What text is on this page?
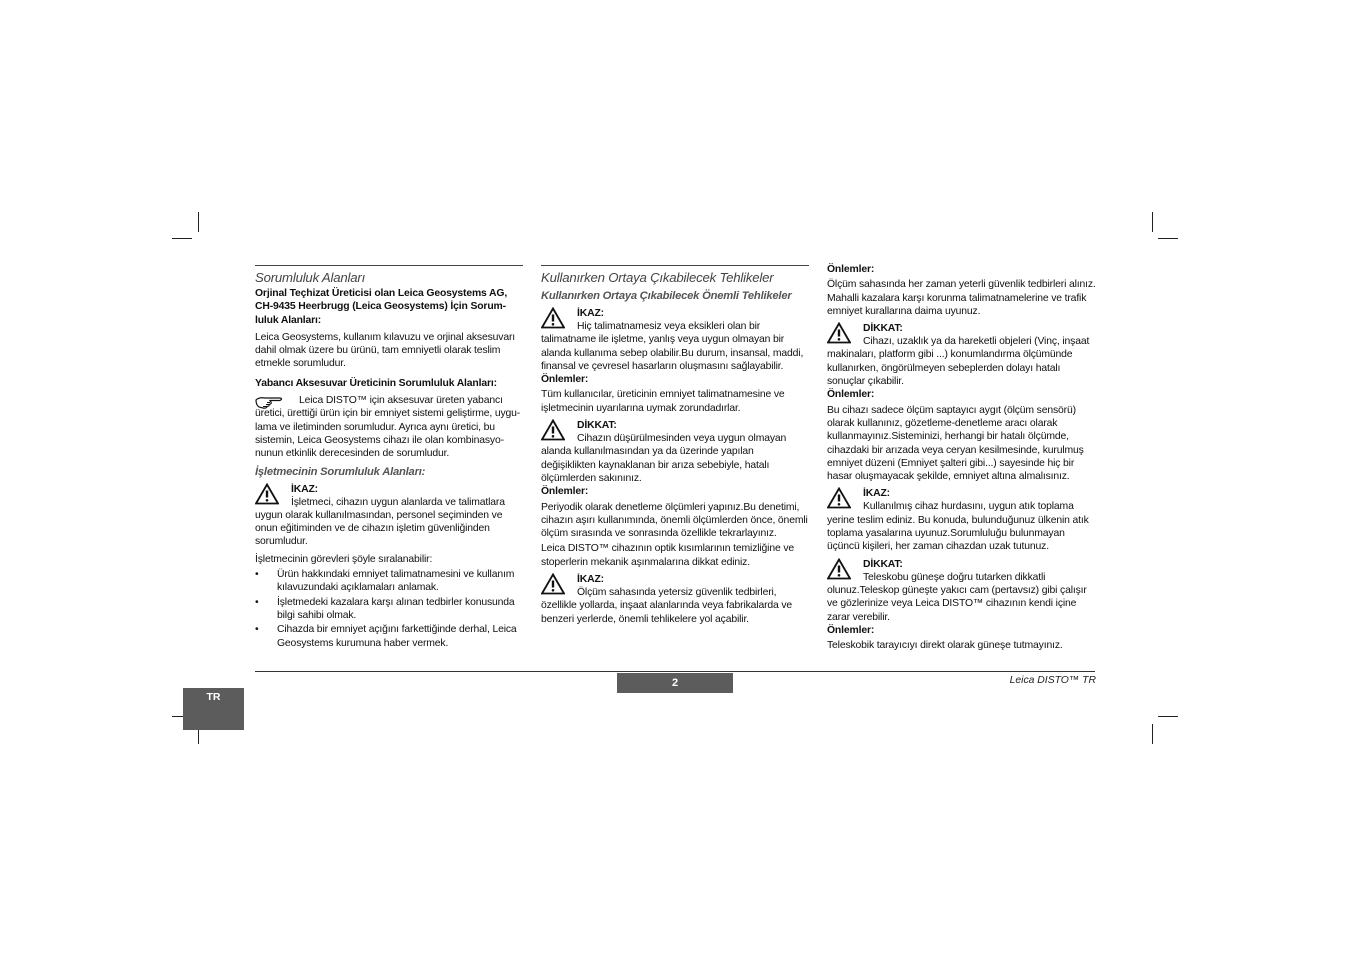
Sorumluluk Alanları

Orjinal Teçhizat Üreticisi olan Leica Geosystems AG, CH-9435 Heerbrugg (Leica Geosystems) İçin Sorum-luluk Alanları:

Leica Geosystems, kullanım kılavuzu ve orjinal aksesuvarı dahil olmak üzere bu ürünü, tam emniyetli olarak teslim etmekle sorumludur.

Yabancı Aksesuvar Üreticinin Sorumluluk Alanları:

Leica DISTO™ için aksesuvar üreten yabancı
üretici, ürettiği ürün için bir emniyet sistemi geliştirme, uygu-lama ve iletiminden sorumludur. Ayrıca aynı üretici, bu sistemin, Leica Geosystems cihazı ile olan kombinasyo-nunun etkinlik derecesinden de sorumludur.
İşletmecinin Sorumluluk Alanları:
İKAZ:
İşletmeci, cihazın uygun alanlarda ve talimatlara
uygun olarak kullanılmasından, personel seçiminden ve onun eğitiminden ve de cihazın işletim güvenliğinden sorumludur.

İşletmecinin görevleri şöyle sıralanabilir:

• Ürün hakkındaki emniyet talimatnamesini ve kullanım kılavuzundaki açıklamaları anlamak.
• İşletmedeki kazalara karşı alınan tedbirler konusunda bilgi sahibi olmak.
• Cihazda bir emniyet açığını farkettiğinde derhal, Leica Geosystems kurumuna haber vermek.
Kullanırken Ortaya Çıkabilecek Tehlikeler
Kullanırken Ortaya Çıkabilecek Önemli Tehlikeler
İKAZ:
Hiç talimatnamesiz veya eksikleri olan bir
talimatname ile işletme, yanlış veya uygun olmayan bir alanda kullanıma sebep olabilir.Bu durum, insansal, maddi, finansal ve çevresel hasarların oluşmasını sağlayabilir.

Önlemler:

Tüm kullanıcılar, üreticinin emniyet talimatnamesine ve işletmecinin uyarılarına uymak zorundadırlar.

DİKKAT:
Cihazın düşürülmesinden veya uygun olmayan
alanda kullanılmasından ya da üzerinde yapılan değişiklikten kaynaklanan bir arıza sebebiyle, hatalı ölçümlerden sakınınız.

Önlemler:

Periyodik olarak denetleme ölçümleri yapınız.Bu denetimi, cihazın aşırı kullanımında, önemli ölçümlerden önce, önemli ölçüm sırasında ve sonrasında özellikle tekrarlayınız.

Leica DISTO™ cihazının optik kısımlarının temizliğine ve stoperlerin mekanik aşınmalarına dikkat ediniz.

İKAZ:
Ölçüm sahasında yetersiz güvenlik tedbirleri,
özellikle yollarda, inşaat alanlarında veya fabrikalarda ve benzeri yerlerde, önemli tehlikelere yol açabilir.

Önlemler:

Ölçüm sahasında her zaman yeterli güvenlik tedbirleri alınız. Mahalli kazalara karşı korunma talimatnamelerine ve trafik emniyet kurallarına daima uyunuz.

DİKKAT:
Cihazı, uzaklık ya da hareketli objeleri (Vinç, inşaat
makinaları, platform gibi ...) konumlandırma ölçümünde kullanırken, öngörülmeyen sebeplerden dolayı hatalı sonuçlar çıkabilir.

Önlemler:

Bu cihazı sadece ölçüm saptayıcı aygıt (ölçüm sensörü) olarak kullanınız, gözetleme-denetleme aracı olarak kullanmayınız.Sisteminizi, herhangi bir hatalı ölçümde, cihazdaki bir arızada veya ceryan kesilmesinde, kurulmuş emniyet düzeni (Emniyet şalteri gibi...) sayesinde hiç bir hasar oluşmayacak şekilde, emniyet altına almalısınız.

İKAZ:
Kullanılmış cihaz hurdasını, uygun atık toplama
yerine teslim ediniz. Bu konuda, bulunduğunuz ülkenin atık toplama yasalarına uyunuz.Sorumluluğu bulunmayan üçüncü kişileri, her zaman cihazdan uzak tutunuz.
DİKKAT:
Teleskobu güneşe doğru tutarken dikkatli
olunuz.Teleskop güneşte yakıcı cam (pertavsız) gibi çalışır ve gözlerinize veya Leica DISTO™ cihazının kendi içine zarar verebilir.

Önlemler:

Teleskobik tarayıcıyı direkt olarak güneşe tutmayınız.

2	Leica DISTO™ TR
TR
